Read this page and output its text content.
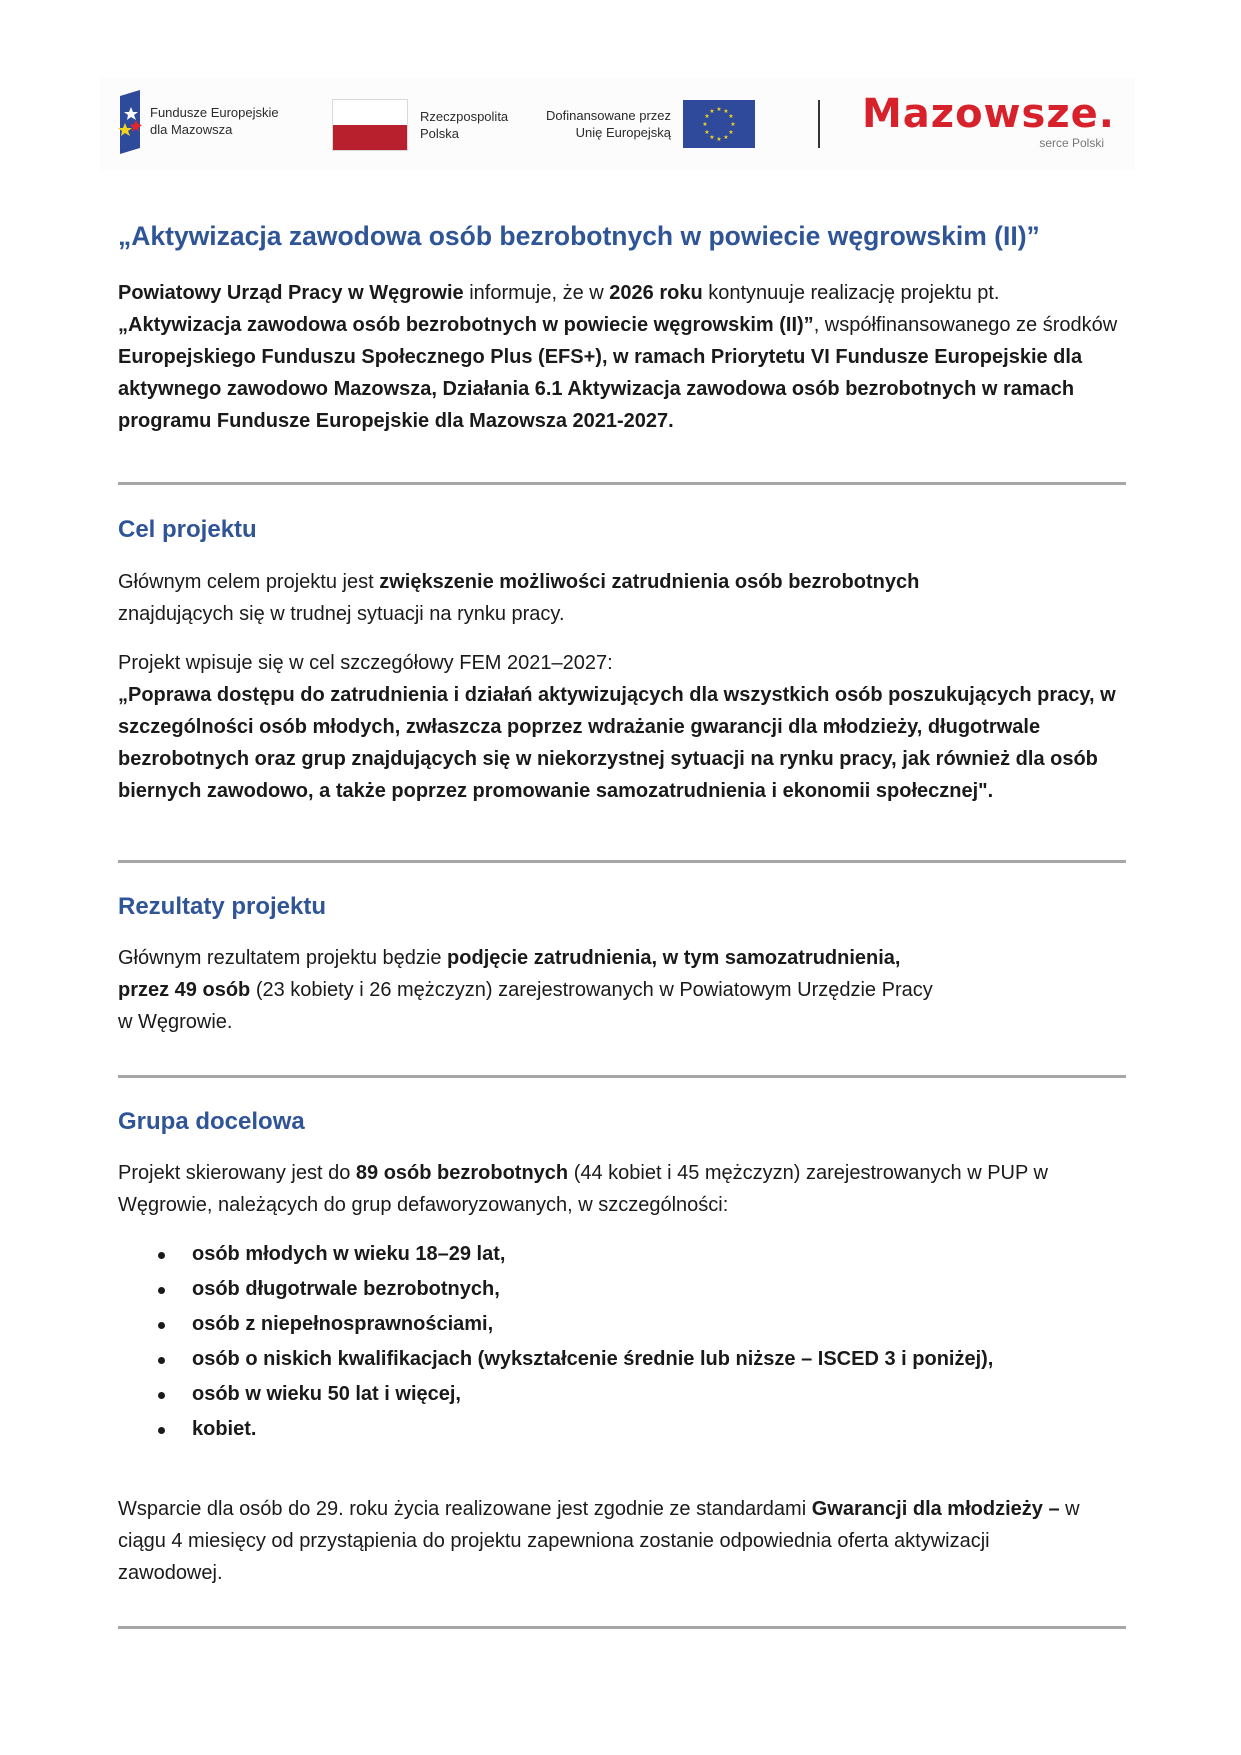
Fundusze Europejskie
dla Mazowsza
Rzeczpospolita
Polska
Dofinansowane przez
Unię Europejską
★ ★
★
★
★
★
★
★
★
★
★
★	Mazowsze.
serce Polski
„Aktywizacja zawodowa osób bezrobotnych w powiecie węgrowskim (II)”

Powiatowy Urząd Pracy w Węgrowie informuje, że w 2026 roku kontynuuje realizację projektu pt. „Aktywizacja zawodowa osób bezrobotnych w powiecie węgrowskim (II)”, współfinansowanego ze środków Europejskiego Funduszu Społecznego Plus (EFS+), w ramach Priorytetu VI Fundusze Europejskie dla aktywnego zawodowo Mazowsza, Działania 6.1 Aktywizacja zawodowa osób bezrobotnych w ramach programu Fundusze Europejskie dla Mazowsza 2021-2027.

Cel projektu

Głównym celem projektu jest zwiększenie możliwości zatrudnienia osób bezrobotnych znajdujących się w trudnej sytuacji na rynku pracy.

Projekt wpisuje się w cel szczegółowy FEM 2021–2027:
„Poprawa dostępu do zatrudnienia i działań aktywizujących dla wszystkich osób poszukujących pracy, w szczególności osób młodych, zwłaszcza poprzez wdrażanie gwarancji dla młodzieży, długotrwale bezrobotnych oraz grup znajdujących się w niekorzystnej sytuacji na rynku pracy, jak również dla osób biernych zawodowo, a także poprzez promowanie samozatrudnienia i ekonomii społecznej".

Rezultaty projektu

Głównym rezultatem projektu będzie podjęcie zatrudnienia, w tym samozatrudnienia,
przez 49 osób (23 kobiety i 26 mężczyzn) zarejestrowanych w Powiatowym Urzędzie Pracy
w Węgrowie.

Grupa docelowa

Projekt skierowany jest do 89 osób bezrobotnych (44 kobiet i 45 mężczyzn) zarejestrowanych w PUP w Węgrowie, należących do grup defaworyzowanych, w szczególności:

osób młodych w wieku 18–29 lat,
osób długotrwale bezrobotnych,
osób z niepełnosprawnościami,
osób o niskich kwalifikacjach (wykształcenie średnie lub niższe – ISCED 3 i poniżej),
osób w wieku 50 lat i więcej,
kobiet.

Wsparcie dla osób do 29. roku życia realizowane jest zgodnie ze standardami Gwarancji dla młodzieży – w ciągu 4 miesięcy od przystąpienia do projektu zapewniona zostanie odpowiednia oferta aktywizacji zawodowej.
